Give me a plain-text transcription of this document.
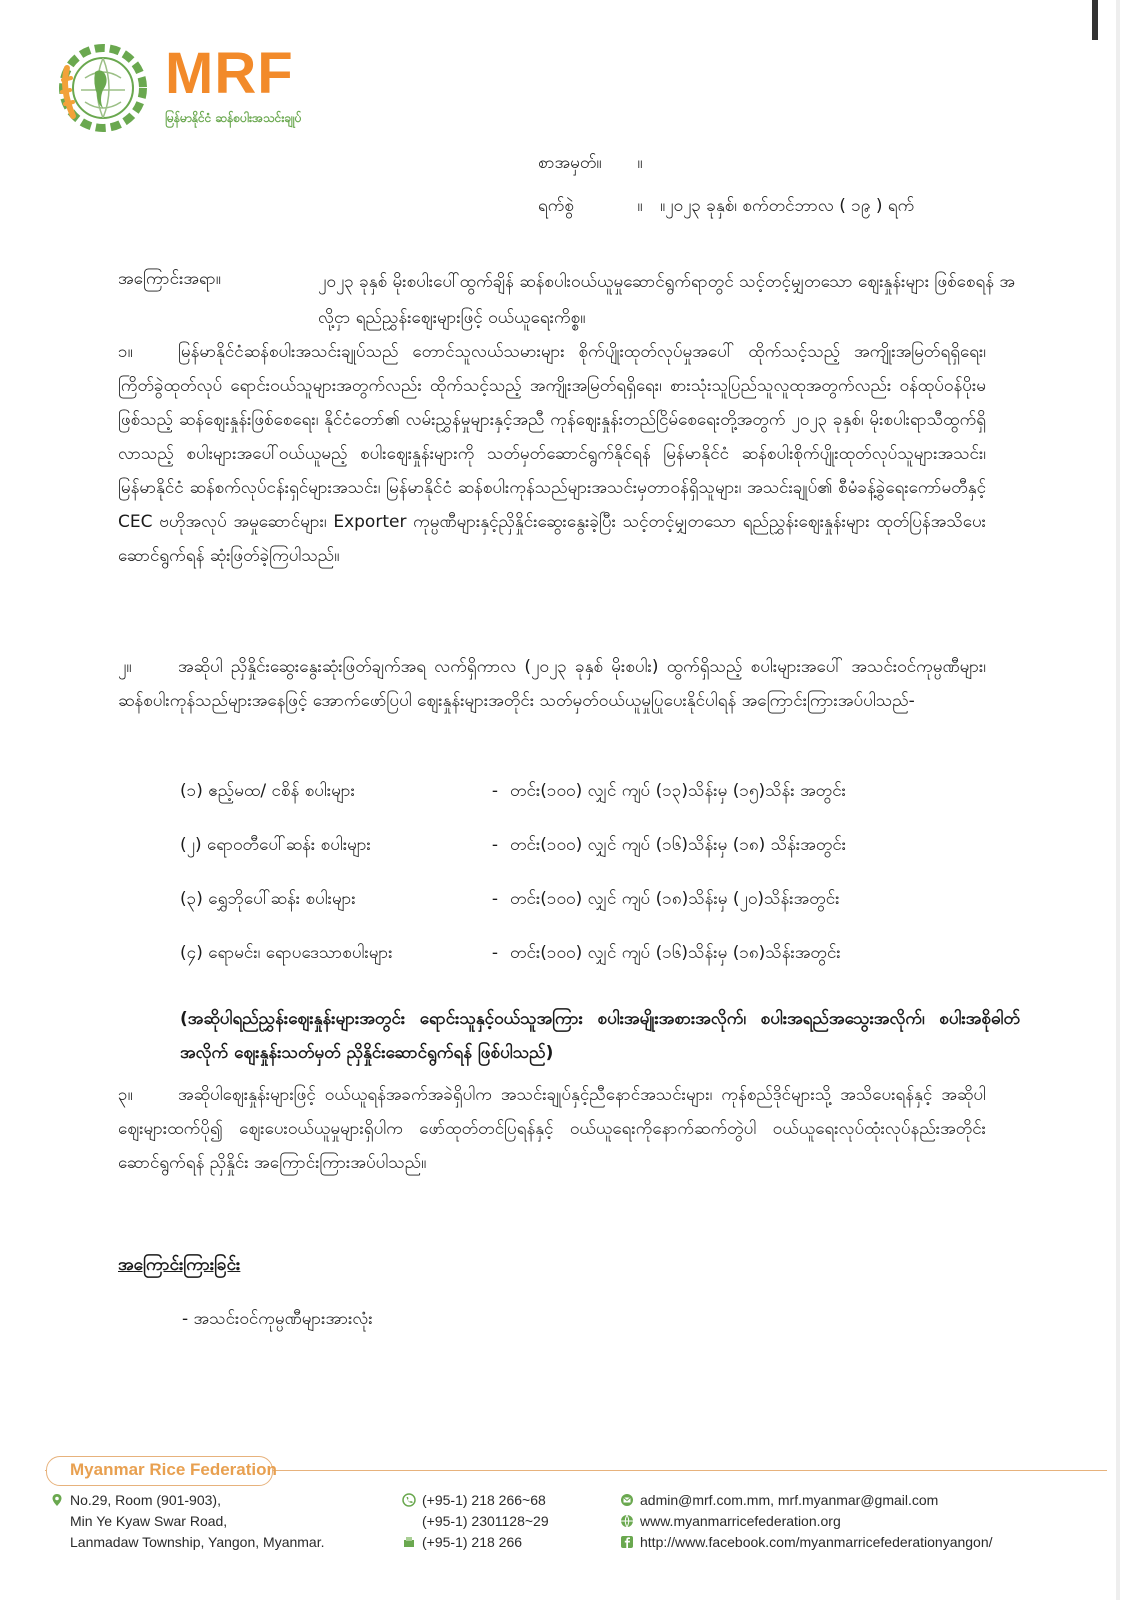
MRF
မြန်မာနိုင်ငံ ဆန်စပါးအသင်းချုပ်
စာအမှတ်။ ။
ရက်စွဲ	။ ။၂၀၂၃ ခုနှစ်၊ စက်တင်ဘာလ ( ၁၉ ) ရက်
အကြောင်းအရာ။	၂၀၂၃ ခုနှစ် မိုးစပါးပေါ်ထွက်ချိန် ဆန်စပါးဝယ်ယူမှုဆောင်ရွက်ရာတွင် သင့်တင့်မျှတသော ဈေးနှုန်းများ ဖြစ်စေရန် အလို့ငှာ ရည်ညွှန်းဈေးများဖြင့် ဝယ်ယူရေးကိစ္စ။
၁။	မြန်မာနိုင်ငံဆန်စပါးအသင်းချုပ်သည် တောင်သူလယ်သမားများ စိုက်ပျိုးထုတ်လုပ်မှုအပေါ် ထိုက်သင့်သည့် အကျိုးအမြတ်ရရှိရေး၊ ကြိတ်ခွဲထုတ်လုပ် ရောင်းဝယ်သူများအတွက်လည်း ထိုက်သင့်သည့် အကျိုးအမြတ်ရရှိရေး၊ စားသုံးသူပြည်သူလူထုအတွက်လည်း ဝန်ထုပ်ဝန်ပိုးမဖြစ်သည့် ဆန်ဈေးနှုန်းဖြစ်စေရေး၊ နိုင်ငံတော်၏ လမ်းညွှန်မှုများနှင့်အညီ ကုန်ဈေးနှုန်းတည်ငြိမ်စေရေးတို့အတွက် ၂၀၂၃ ခုနှစ်၊ မိုးစပါးရာသီထွက်ရှိလာသည့် စပါးများအပေါ်ဝယ်ယူမည့် စပါးဈေးနှုန်းများကို သတ်မှတ်ဆောင်ရွက်နိုင်ရန် မြန်မာနိုင်ငံ ဆန်စပါးစိုက်ပျိုးထုတ်လုပ်သူများအသင်း၊ မြန်မာနိုင်ငံ ဆန်စက်လုပ်ငန်းရှင်များအသင်း၊ မြန်မာနိုင်ငံ ဆန်စပါးကုန်သည်များအသင်းမှတာဝန်ရှိသူများ၊ အသင်းချုပ်၏ စီမံခန့်ခွဲရေးကော်မတီနှင့် CEC ဗဟိုအလုပ် အမှုဆောင်များ၊ Exporter ကုမ္ပဏီများနှင့်ညှိနှိုင်းဆွေးနွေးခဲ့ပြီး သင့်တင့်မျှတသော ရည်ညွှန်းဈေးနှုန်းများ ထုတ်ပြန်အသိပေး ဆောင်ရွက်ရန် ဆုံးဖြတ်ခဲ့ကြပါသည်။
၂။	အဆိုပါ ညှိနှိုင်းဆွေးနွေးဆုံးဖြတ်ချက်အရ လက်ရှိကာလ (၂၀၂၃ ခုနှစ် မိုးစပါး) ထွက်ရှိသည့် စပါးများအပေါ် အသင်းဝင်ကုမ္ပဏီများ၊ ဆန်စပါးကုန်သည်များအနေဖြင့် အောက်ဖော်ပြပါ ဈေးနှုန်းများအတိုင်း သတ်မှတ်ဝယ်ယူမှုပြုပေးနိုင်ပါရန် အကြောင်းကြားအပ်ပါသည်-
(၁) ဧည့်မထ/ ငစိန် စပါးများ	- တင်း(၁၀၀) လျှင် ကျပ် (၁၃)သိန်းမှ (၁၅)သိန်း အတွင်း
(၂) ရောဝတီပေါ်ဆန်း စပါးများ	- တင်း(၁၀၀) လျှင် ကျပ် (၁၆)သိန်းမှ (၁၈) သိန်းအတွင်း
(၃) ရွှေဘိုပေါ်ဆန်း စပါးများ	- တင်း(၁၀၀) လျှင် ကျပ် (၁၈)သိန်းမှ (၂၀)သိန်းအတွင်း
(၄) ရောမင်း၊ ရောပဒေသာစပါးများ	- တင်း(၁၀၀) လျှင် ကျပ် (၁၆)သိန်းမှ (၁၈)သိန်းအတွင်း
(အဆိုပါရည်ညွှန်းဈေးနှုန်းများအတွင်း ရောင်းသူနှင့်ဝယ်သူအကြား စပါးအမျိုးအစားအလိုက်၊ စပါးအရည်အသွေးအလိုက်၊ စပါးအစိုဓါတ်အလိုက် ဈေးနှုန်းသတ်မှတ် ညှိနှိုင်းဆောင်ရွက်ရန် ဖြစ်ပါသည်)
၃။	အဆိုပါဈေးနှုန်းများဖြင့် ဝယ်ယူရန်အခက်အခဲရှိပါက အသင်းချုပ်နှင့်ညီနောင်အသင်းများ၊ ကုန်စည်ဒိုင်များသို့ အသိပေးရန်နှင့် အဆိုပါ ဈေးများထက်ပို၍ ဈေးပေးဝယ်ယူမှုများရှိပါက ဖော်ထုတ်တင်ပြရန်နှင့် ဝယ်ယူရေးကိုနောက်ဆက်တွဲပါ ဝယ်ယူရေးလုပ်ထုံးလုပ်နည်းအတိုင်း ဆောင်ရွက်ရန် ညှိနှိုင်း အကြောင်းကြားအပ်ပါသည်။
အကြောင်းကြားခြင်း
- အသင်းဝင်ကုမ္ပဏီများအားလုံး
Myanmar Rice Federation
No.29, Room (901-903),
Min Ye Kyaw Swar Road,
Lanmadaw Township, Yangon, Myanmar.
(+95-1) 218 266~68
(+95-1) 2301128~29
(+95-1) 218 266
admin@mrf.com.mm, mrf.myanmar@gmail.com
www.myanmarricefederation.org
http://www.facebook.com/myanmarricefederationyangon/
